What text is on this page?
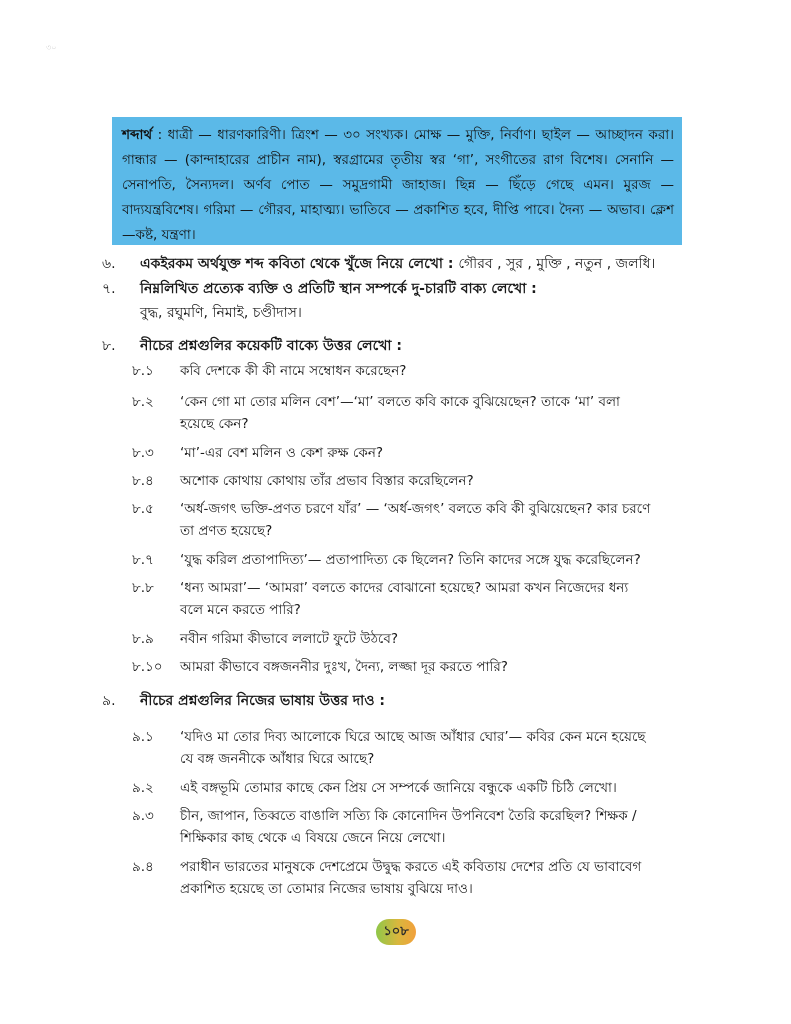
৩০
শব্দার্থ : ধাত্রী — ধারণকারিণী। ত্রিংশ — ৩০ সংখ্যক। মোক্ষ — মুক্তি, নির্বাণ। ছাইল — আচ্ছাদন করা। গান্ধার — (কান্দাহারের প্রাচীন নাম), স্বরগ্রামের তৃতীয় স্বর ‘গা’, সংগীতের রাগ বিশেষ। সেনানি — সেনাপতি, সৈন্যদল। অর্ণব পোত — সমুদ্রগামী জাহাজ। ছিন্ন — ছিঁড়ে গেছে এমন। মুরজ — বাদ্যযন্ত্রবিশেষ। গরিমা — গৌরব, মাহাত্ম্য। ভাতিবে — প্রকাশিত হবে, দীপ্তি পাবে। দৈন্য — অভাব। ক্লেশ —কষ্ট, যন্ত্রণা।
৬.	একইরকম অর্থযুক্ত শব্দ কবিতা থেকে খুঁজে নিয়ে লেখো : গৌরব , সুর , মুক্তি , নতুন , জলধি।
৭.	নিম্নলিখিত প্রত্যেক ব্যক্তি ও প্রতিটি স্থান সম্পর্কে দু-চারটি বাক্য লেখো :
বুদ্ধ, রঘুমণি, নিমাই, চণ্ডীদাস।
৮.	নীচের প্রশ্নগুলির কয়েকটি বাক্যে উত্তর লেখো :
৮.১	কবি দেশকে কী কী নামে সম্বোধন করেছেন?
৮.২	‘কেন গো মা তোর মলিন বেশ’—‘মা’ বলতে কবি কাকে বুঝিয়েছেন? তাকে ‘মা’ বলা
হয়েছে কেন?
৮.৩	‘মা’-এর বেশ মলিন ও কেশ রুক্ষ কেন?
৮.৪	অশোক কোথায় কোথায় তাঁর প্রভাব বিস্তার করেছিলেন?
৮.৫	‘অর্ধ-জগৎ ভক্তি-প্রণত চরণে যাঁর’ — ‘অর্ধ-জগৎ’ বলতে কবি কী বুঝিয়েছেন? কার চরণে
তা প্রণত হয়েছে?
৮.৭	‘যুদ্ধ করিল প্রতাপাদিত্য’— প্রতাপাদিত্য কে ছিলেন? তিনি কাদের সঙ্গে যুদ্ধ করেছিলেন?
৮.৮	‘ধন্য আমরা’— ‘আমরা’ বলতে কাদের বোঝানো হয়েছে? আমরা কখন নিজেদের ধন্য
বলে মনে করতে পারি?
৮.৯	নবীন গরিমা কীভাবে ললাটে ফুটে উঠবে?
৮.১০	আমরা কীভাবে বঙ্গজননীর দুঃখ, দৈন্য, লজ্জা দূর করতে পারি?
৯.	নীচের প্রশ্নগুলির নিজের ভাষায় উত্তর দাও :
৯.১	‘যদিও মা তোর দিব্য আলোকে ঘিরে আছে আজ আঁধার ঘোর’— কবির কেন মনে হয়েছে
যে বঙ্গ জননীকে আঁধার ঘিরে আছে?
৯.২	এই বঙ্গভূমি তোমার কাছে কেন প্রিয় সে সম্পর্কে জানিয়ে বন্ধুকে একটি চিঠি লেখো।
৯.৩	চীন, জাপান, তিব্বতে বাঙালি সত্যি কি কোনোদিন উপনিবেশ তৈরি করেছিল? শিক্ষক /
শিক্ষিকার কাছ থেকে এ বিষয়ে জেনে নিয়ে লেখো।
৯.৪	পরাধীন ভারতের মানুষকে দেশপ্রেমে উদ্বুদ্ধ করতে এই কবিতায় দেশের প্রতি যে ভাবাবেগ
প্রকাশিত হয়েছে তা তোমার নিজের ভাষায় বুঝিয়ে দাও।
১০৮
